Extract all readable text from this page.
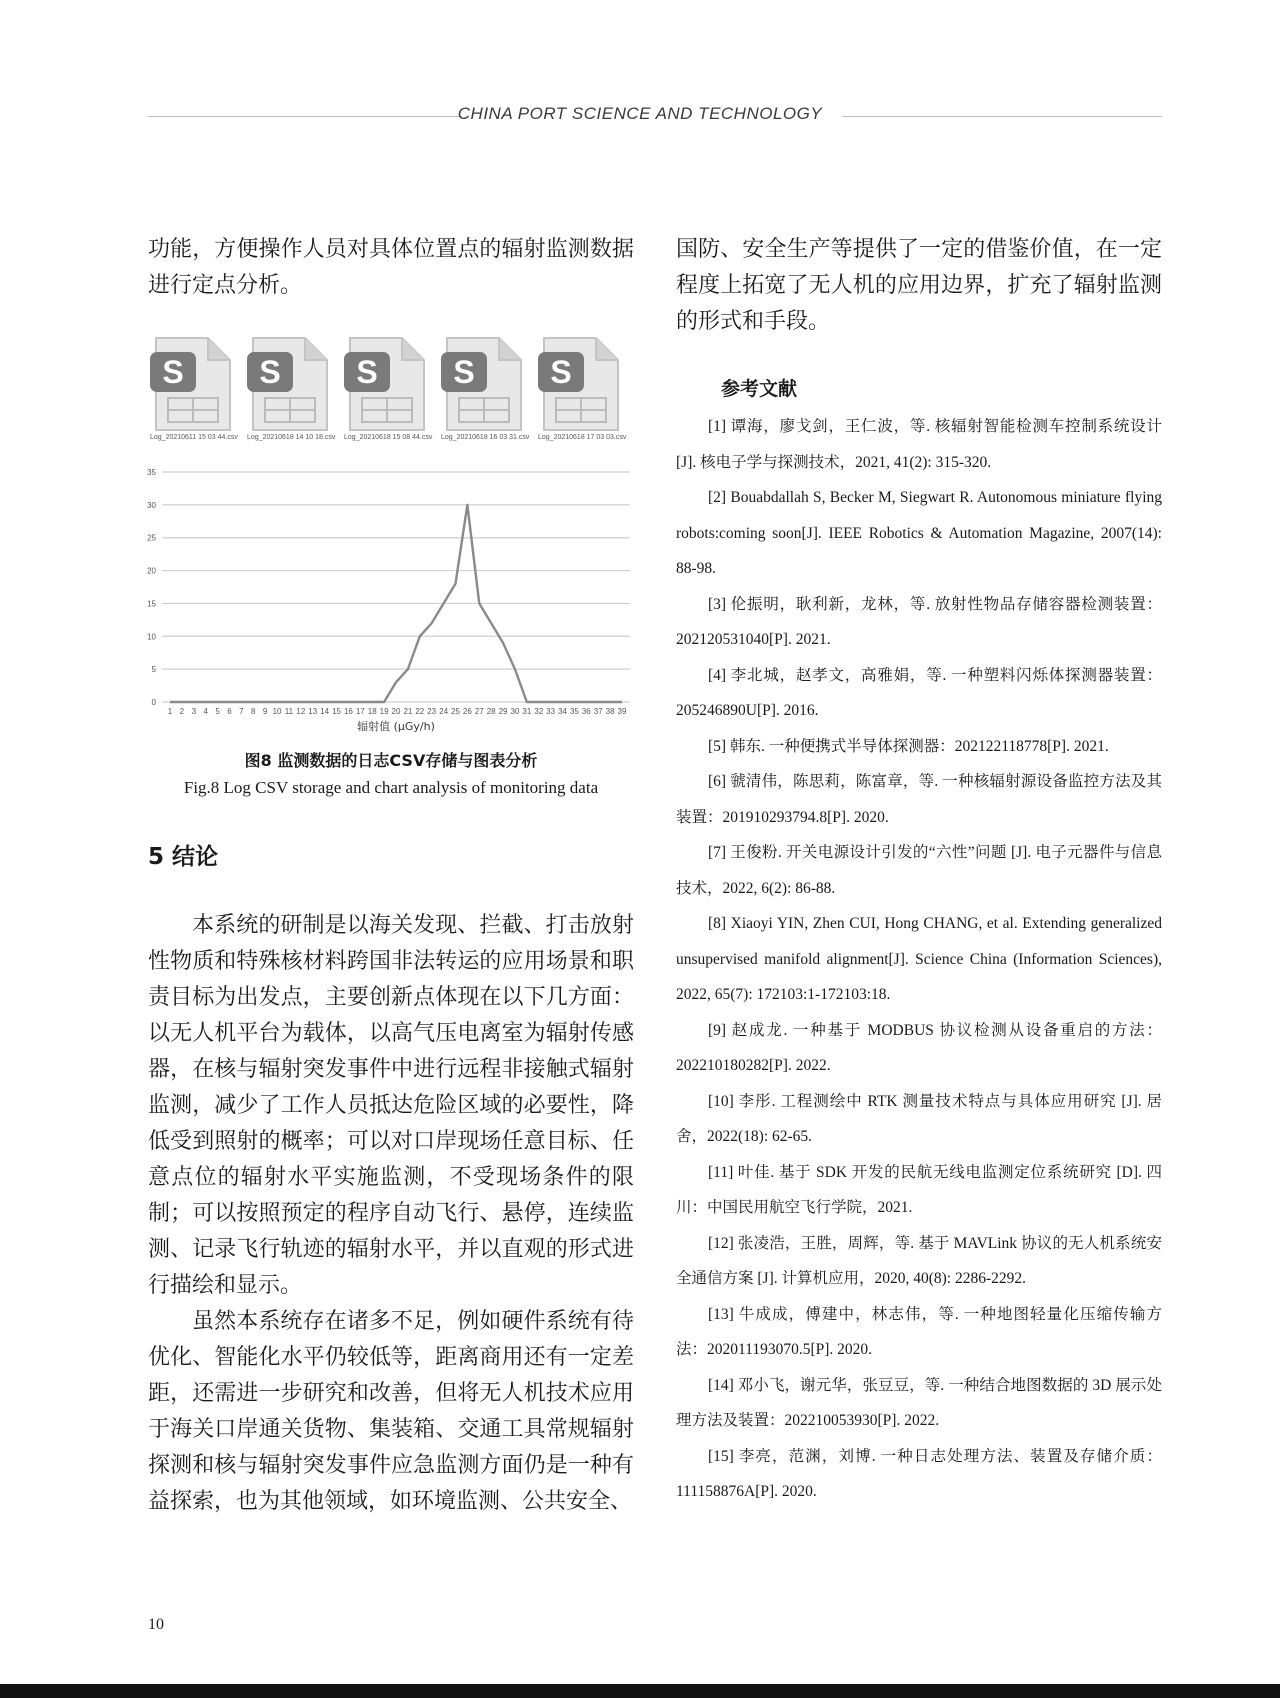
CHINA PORT SCIENCE AND TECHNOLOGY

功能，方便操作人员对具体位置点的辐射监测数据进行定点分析。

S
Log_20210611 15 03 44.csv
S
Log_20210618 14 10 18.csv
S
Log_20210618 15 08 44.csv
S
Log_20210618 16 03 31.csv
S
Log_20210618 17 03 03.csv
0
5
10
15
20
25
30
35
1 2 3 4 5 6 7 8 9 10 11 12 13 14 15 16 17 18 19 20 21 22 23 24 25 26 27 28 29 30 31 32 33 34 35 36 37 38 39
辐射值 (μGy/h)
图8 监测数据的日志CSV存储与图表分析
Fig.8 Log CSV storage and chart analysis of monitoring data
5 结论

本系统的研制是以海关发现、拦截、打击放射性物质和特殊核材料跨国非法转运的应用场景和职责目标为出发点，主要创新点体现在以下几方面：以无人机平台为载体，以高气压电离室为辐射传感器，在核与辐射突发事件中进行远程非接触式辐射监测，减少了工作人员抵达危险区域的必要性，降低受到照射的概率；可以对口岸现场任意目标、任意点位的辐射水平实施监测，不受现场条件的限制；可以按照预定的程序自动飞行、悬停，连续监测、记录飞行轨迹的辐射水平，并以直观的形式进行描绘和显示。

虽然本系统存在诸多不足，例如硬件系统有待优化、智能化水平仍较低等，距离商用还有一定差距，还需进一步研究和改善，但将无人机技术应用于海关口岸通关货物、集装箱、交通工具常规辐射探测和核与辐射突发事件应急监测方面仍是一种有益探索，也为其他领域，如环境监测、公共安全、

国防、安全生产等提供了一定的借鉴价值，在一定程度上拓宽了无人机的应用边界，扩充了辐射监测的形式和手段。

参考文献

[1] 谭海，廖戈剑，王仁波，等. 核辐射智能检测车控制系统设计 [J]. 核电子学与探测技术，2021, 41(2): 315-320.

[2] Bouabdallah S, Becker M, Siegwart R. Autonomous miniature flying robots:coming soon[J]. IEEE Robotics & Automation Magazine, 2007(14): 88-98.

[3] 伦振明，耿利新，龙林，等. 放射性物品存储容器检测装置：202120531040[P]. 2021.

[4] 李北城，赵孝文，高雅娟，等. 一种塑料闪烁体探测器装置：205246890U[P]. 2016.

[5] 韩东. 一种便携式半导体探测器：202122118778[P]. 2021.

[6] 虢清伟，陈思莉，陈富章，等. 一种核辐射源设备监控方法及其装置：201910293794.8[P]. 2020.

[7] 王俊粉. 开关电源设计引发的“六性”问题 [J]. 电子元器件与信息技术，2022, 6(2): 86-88.

[8] Xiaoyi YIN, Zhen CUI, Hong CHANG, et al. Extending generalized unsupervised manifold alignment[J]. Science China (Information Sciences), 2022, 65(7): 172103:1-172103:18.

[9] 赵成龙. 一种基于 MODBUS 协议检测从设备重启的方法：202210180282[P]. 2022.

[10] 李彤. 工程测绘中 RTK 测量技术特点与具体应用研究 [J]. 居舍，2022(18): 62-65.

[11] 叶佳. 基于 SDK 开发的民航无线电监测定位系统研究 [D]. 四川：中国民用航空飞行学院，2021.

[12] 张凌浩，王胜，周辉，等. 基于 MAVLink 协议的无人机系统安全通信方案 [J]. 计算机应用，2020, 40(8): 2286-2292.

[13] 牛成成，傅建中，林志伟，等. 一种地图轻量化压缩传输方法：202011193070.5[P]. 2020.

[14] 邓小飞，谢元华，张豆豆，等. 一种结合地图数据的 3D 展示处理方法及装置：202210053930[P]. 2022.

[15] 李亮，范渊，刘博. 一种日志处理方法、装置及存储介质：111158876A[P]. 2020.

10
